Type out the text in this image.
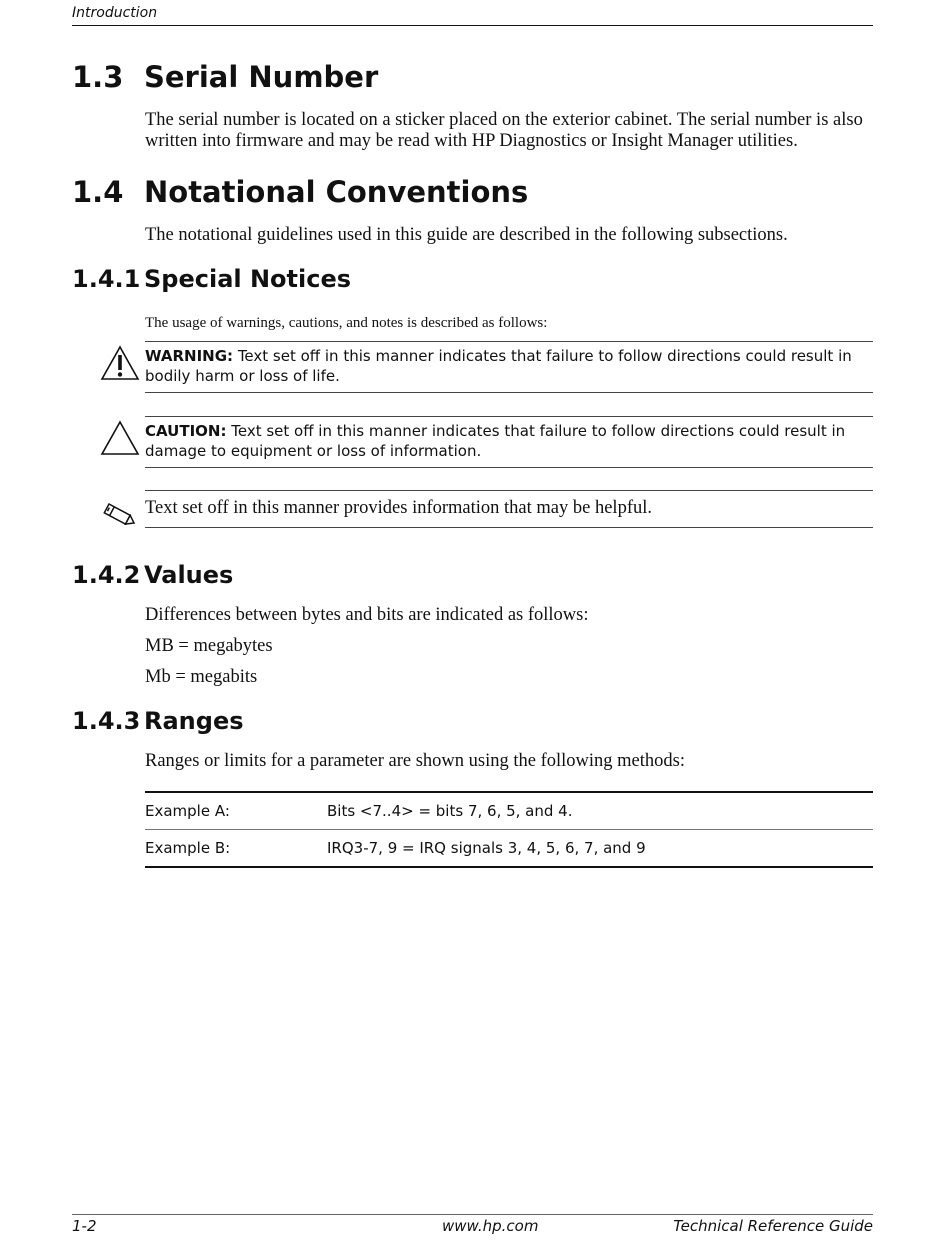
Introduction
1.3 Serial Number
The serial number is located on a sticker placed on the exterior cabinet. The serial number is also written into firmware and may be read with HP Diagnostics or Insight Manager utilities.
1.4 Notational Conventions
The notational guidelines used in this guide are described in the following subsections.
1.4.1 Special Notices
The usage of warnings, cautions, and notes is described as follows:
WARNING: Text set off in this manner indicates that failure to follow directions could result in bodily harm or loss of life.
CAUTION: Text set off in this manner indicates that failure to follow directions could result in damage to equipment or loss of information.
Text set off in this manner provides information that may be helpful.
1.4.2 Values
Differences between bytes and bits are indicated as follows:
MB = megabytes
Mb = megabits
1.4.3 Ranges
Ranges or limits for a parameter are shown using the following methods:
Example A:	Bits <7..4> = bits 7, 6, 5, and 4.
Example B:	IRQ3-7, 9 = IRQ signals 3, 4, 5, 6, 7, and 9
1-2	www.hp.com	Technical Reference Guide
